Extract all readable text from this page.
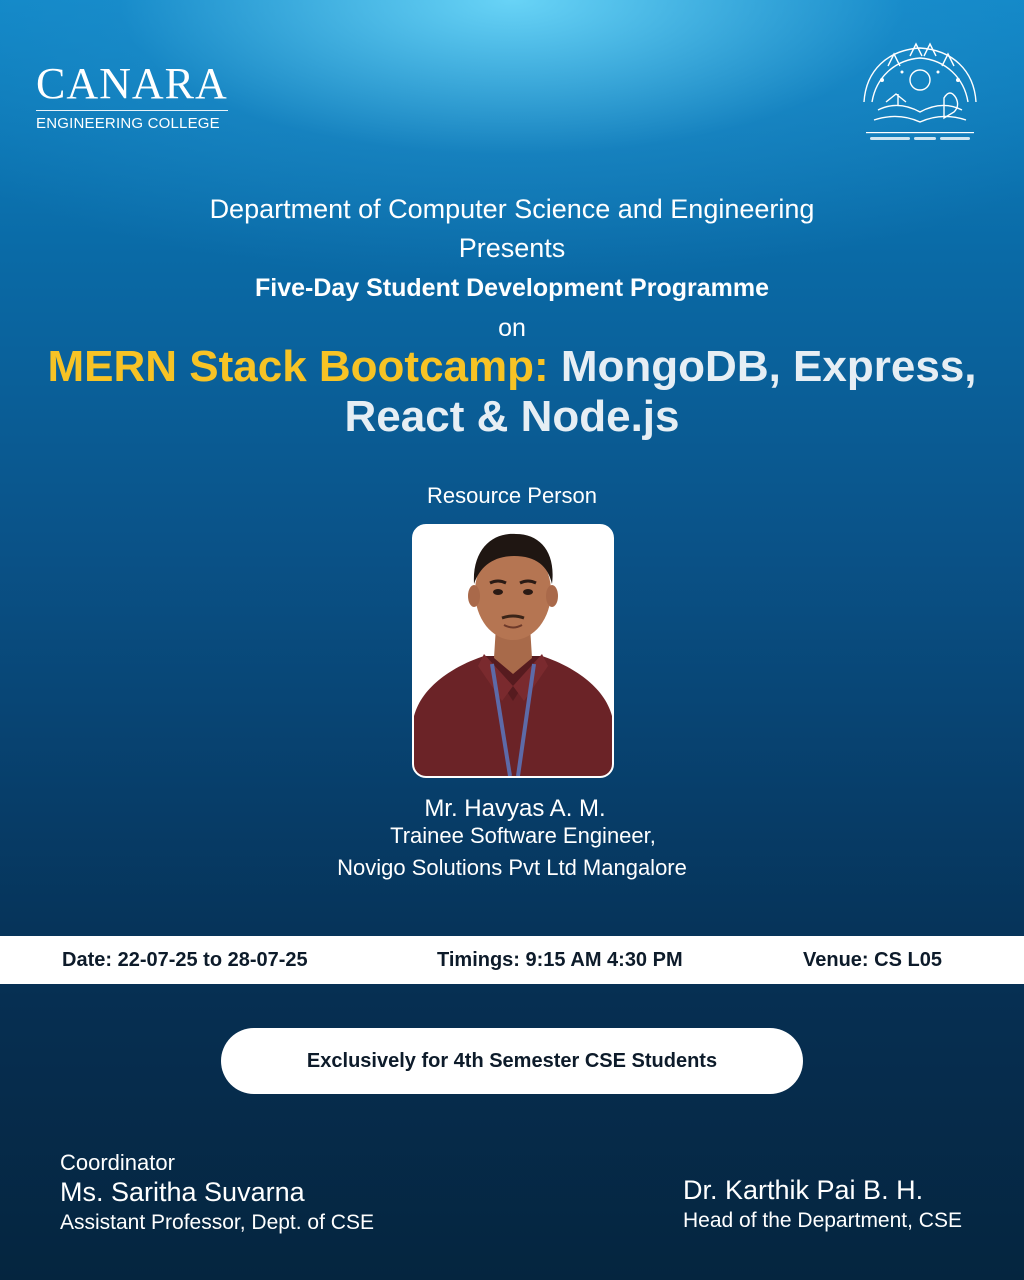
CANARA
ENGINEERING COLLEGE
Department of Computer Science and Engineering
Presents
Five-Day Student Development Programme
on
MERN Stack Bootcamp: MongoDB, Express,
React & Node.js
Resource Person
Mr. Havyas A. M.
Trainee Software Engineer,
Novigo Solutions Pvt Ltd Mangalore
Date: 22-07-25 to 28-07-25	Timings: 9:15 AM 4:30 PM	Venue: CS L05
Exclusively for 4th Semester CSE Students
Coordinator
Ms. Saritha Suvarna
Assistant Professor, Dept. of CSE
Dr. Karthik Pai B. H.
Head of the Department, CSE
